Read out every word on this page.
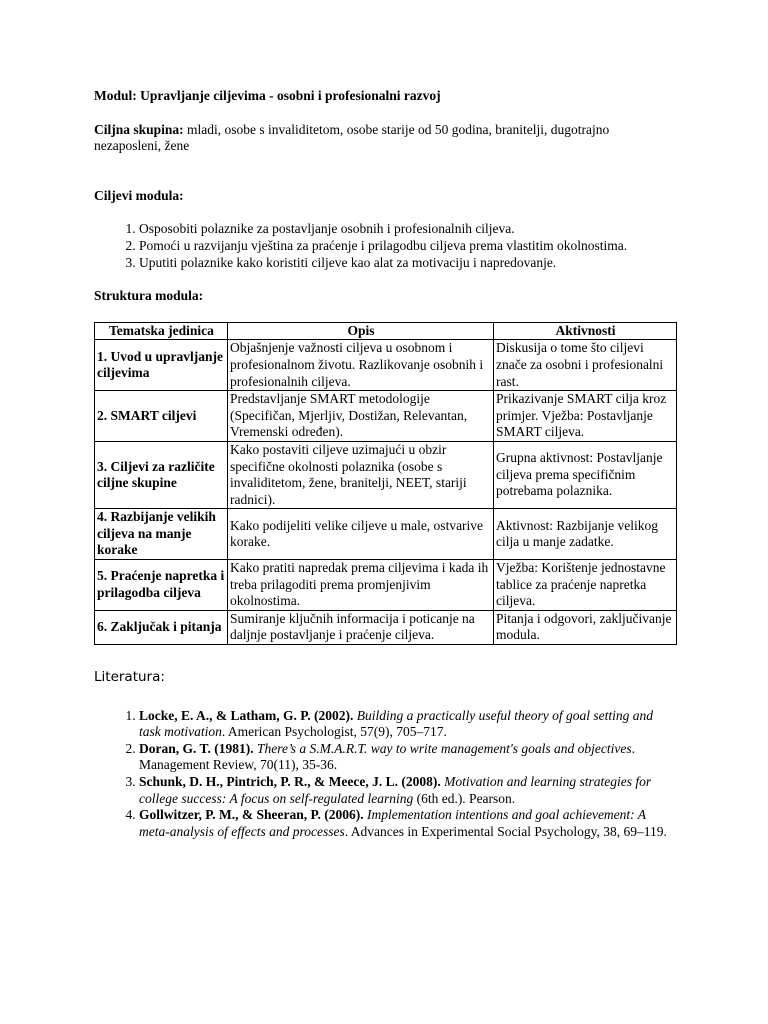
Modul: Upravljanje ciljevima - osobni i profesionalni razvoj

Ciljna skupina: mladi, osobe s invaliditetom, osobe starije od 50 godina, branitelji, dugotrajno nezaposleni, žene

Ciljevi modula:

1. Osposobiti polaznike za postavljanje osobnih i profesionalnih ciljeva.
2. Pomoći u razvijanju vještina za praćenje i prilagodbu ciljeva prema vlastitim okolnostima.
3. Uputiti polaznike kako koristiti ciljeve kao alat za motivaciju i napredovanje.

Struktura modula:

Tematska jedinica	Opis	Aktivnosti
1. Uvod u upravljanje ciljevima	Objašnjenje važnosti ciljeva u osobnom i profesionalnom životu. Razlikovanje osobnih i profesionalnih ciljeva.	Diskusija o tome što ciljevi znače za osobni i profesionalni rast.
2. SMART ciljevi	Predstavljanje SMART metodologije (Specifičan, Mjerljiv, Dostižan, Relevantan, Vremenski određen).	Prikazivanje SMART cilja kroz primjer. Vježba: Postavljanje SMART ciljeva.
3. Ciljevi za različite ciljne skupine	Kako postaviti ciljeve uzimajući u obzir specifične okolnosti polaznika (osobe s invaliditetom, žene, branitelji, NEET, stariji radnici).	Grupna aktivnost: Postavljanje ciljeva prema specifičnim potrebama polaznika.
4. Razbijanje velikih ciljeva na manje korake	Kako podijeliti velike ciljeve u male, ostvarive korake.	Aktivnost: Razbijanje velikog cilja u manje zadatke.
5. Praćenje napretka i prilagodba ciljeva	Kako pratiti napredak prema ciljevima i kada ih treba prilagoditi prema promjenjivim okolnostima.	Vježba: Korištenje jednostavne tablice za praćenje napretka ciljeva.
6. Zaključak i pitanja	Sumiranje ključnih informacija i poticanje na daljnje postavljanje i praćenje ciljeva.	Pitanja i odgovori, zaključivanje modula.

Literatura:

1. Locke, E. A., & Latham, G. P. (2002). Building a practically useful theory of goal setting and task motivation. American Psychologist, 57(9), 705–717.
2. Doran, G. T. (1981). There’s a S.M.A.R.T. way to write management's goals and objectives. Management Review, 70(11), 35-36.
3. Schunk, D. H., Pintrich, P. R., & Meece, J. L. (2008). Motivation and learning strategies for college success: A focus on self-regulated learning (6th ed.). Pearson.
4. Gollwitzer, P. M., & Sheeran, P. (2006). Implementation intentions and goal achievement: A meta-analysis of effects and processes. Advances in Experimental Social Psychology, 38, 69–119.
